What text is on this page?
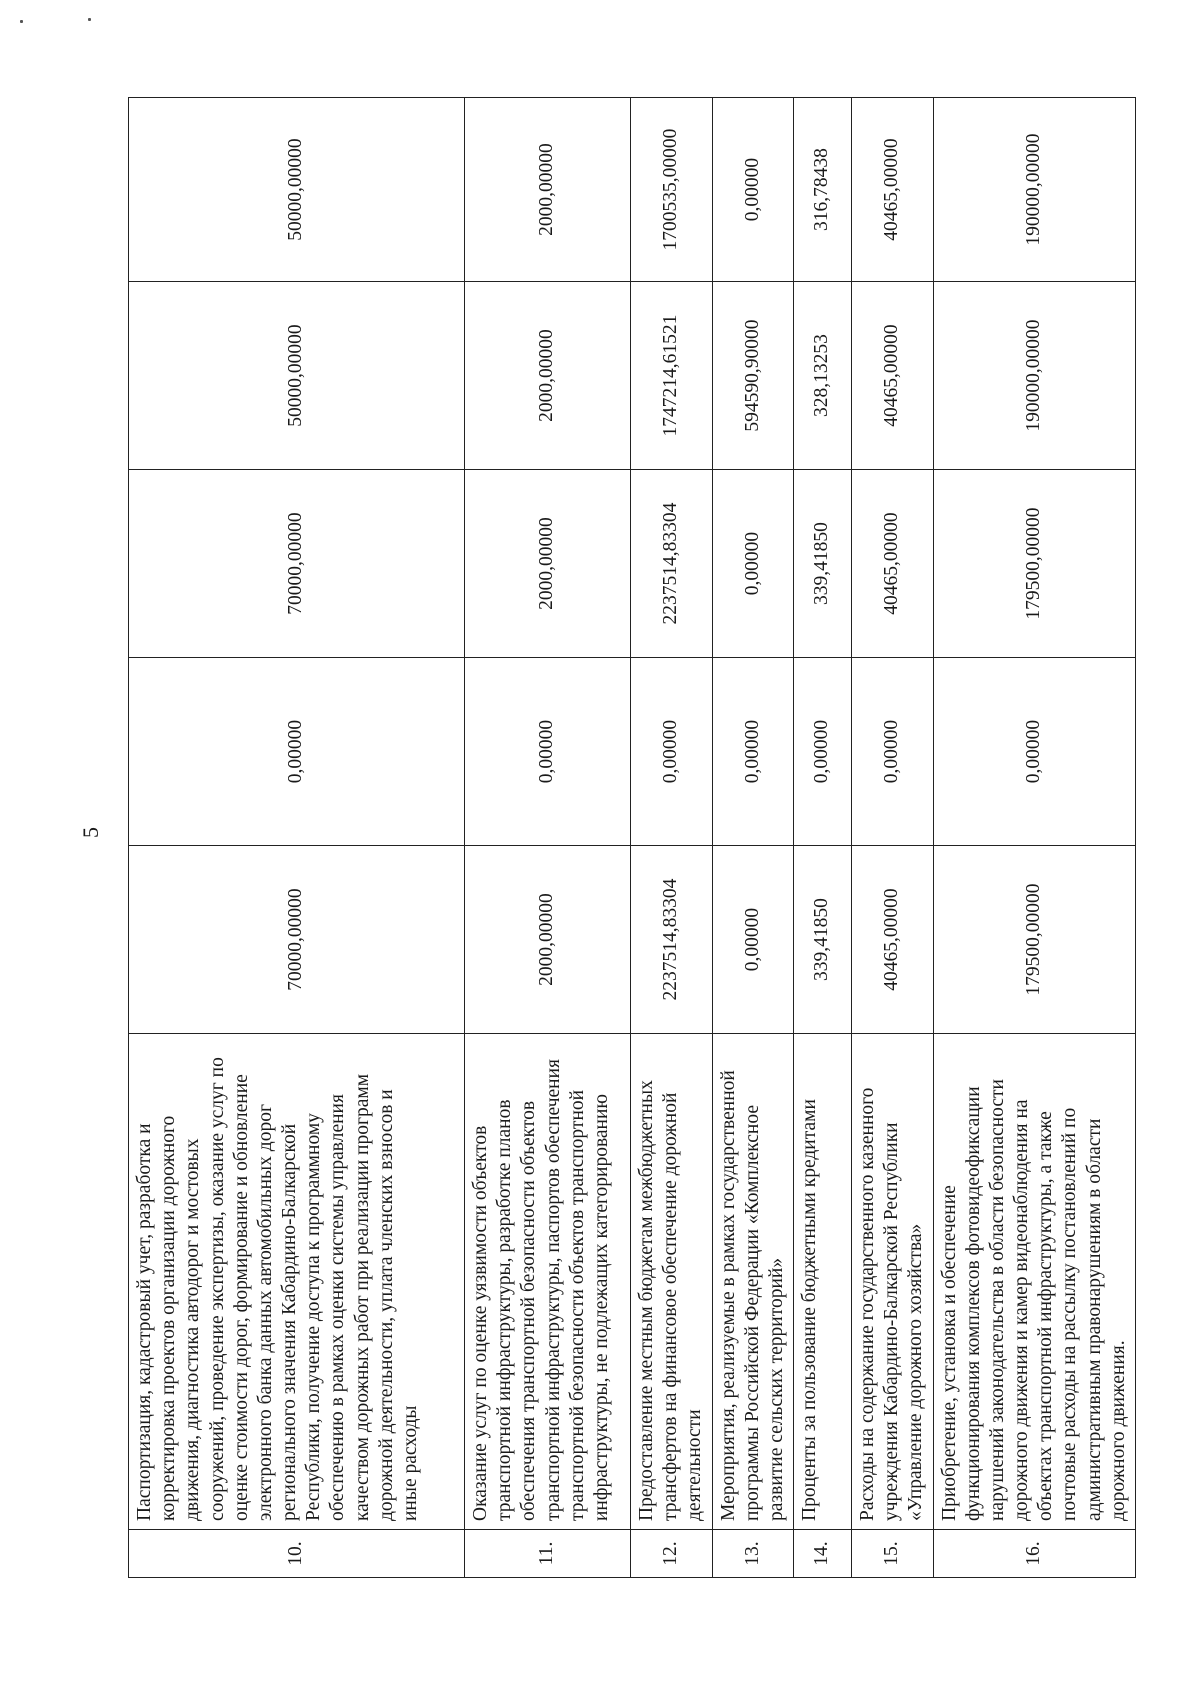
5
10.	Паспортизация, кадастровый учет, разработка и корректировка проектов организации дорожного движения, диагностика автодорог и мостовых сооружений, проведение экспертизы, оказание услуг по оценке стоимости дорог, формирование и обновление электронного банка данных автомобильных дорог регионального значения Кабардино-Балкарской Республики, получение доступа к программному обеспечению в рамках оценки системы управления качеством дорожных работ при реализации программ дорожной деятельности, уплата членских взносов и иные расходы	70000,00000	0,00000	70000,00000	50000,00000	50000,00000
11.	Оказание услуг по оценке уязвимости объектов транспортной инфраструктуры, разработке планов обеспечения транспортной безопасности объектов транспортной инфраструктуры, паспортов обеспечения транспортной безопасности объектов транспортной инфраструктуры, не подлежащих категорированию	2000,00000	0,00000	2000,00000	2000,00000	2000,00000
12.	Предоставление местным бюджетам межбюджетных трансфертов на финансовое обеспечение дорожной деятельности	2237514,83304	0,00000	2237514,83304	1747214,61521	1700535,00000
13.	Мероприятия, реализуемые в рамках государственной программы Российской Федерации «Комплексное развитие сельских территорий»	0,00000	0,00000	0,00000	594590,90000	0,00000
14.	Проценты за пользование бюджетными кредитами	339,41850	0,00000	339,41850	328,13253	316,78438
15.	Расходы на содержание государственного казенного учреждения Кабардино-Балкарской Республики «Управление дорожного хозяйства»	40465,00000	0,00000	40465,00000	40465,00000	40465,00000
16.	Приобретение, установка и обеспечение функционирования комплексов фотовидеофиксации нарушений законодательства в области безопасности дорожного движения и камер видеонаблюдения на объектах транспортной инфраструктуры, а также почтовые расходы на рассылку постановлений по административным правонарушениям в области дорожного движения.	179500,00000	0,00000	179500,00000	190000,00000	190000,00000
